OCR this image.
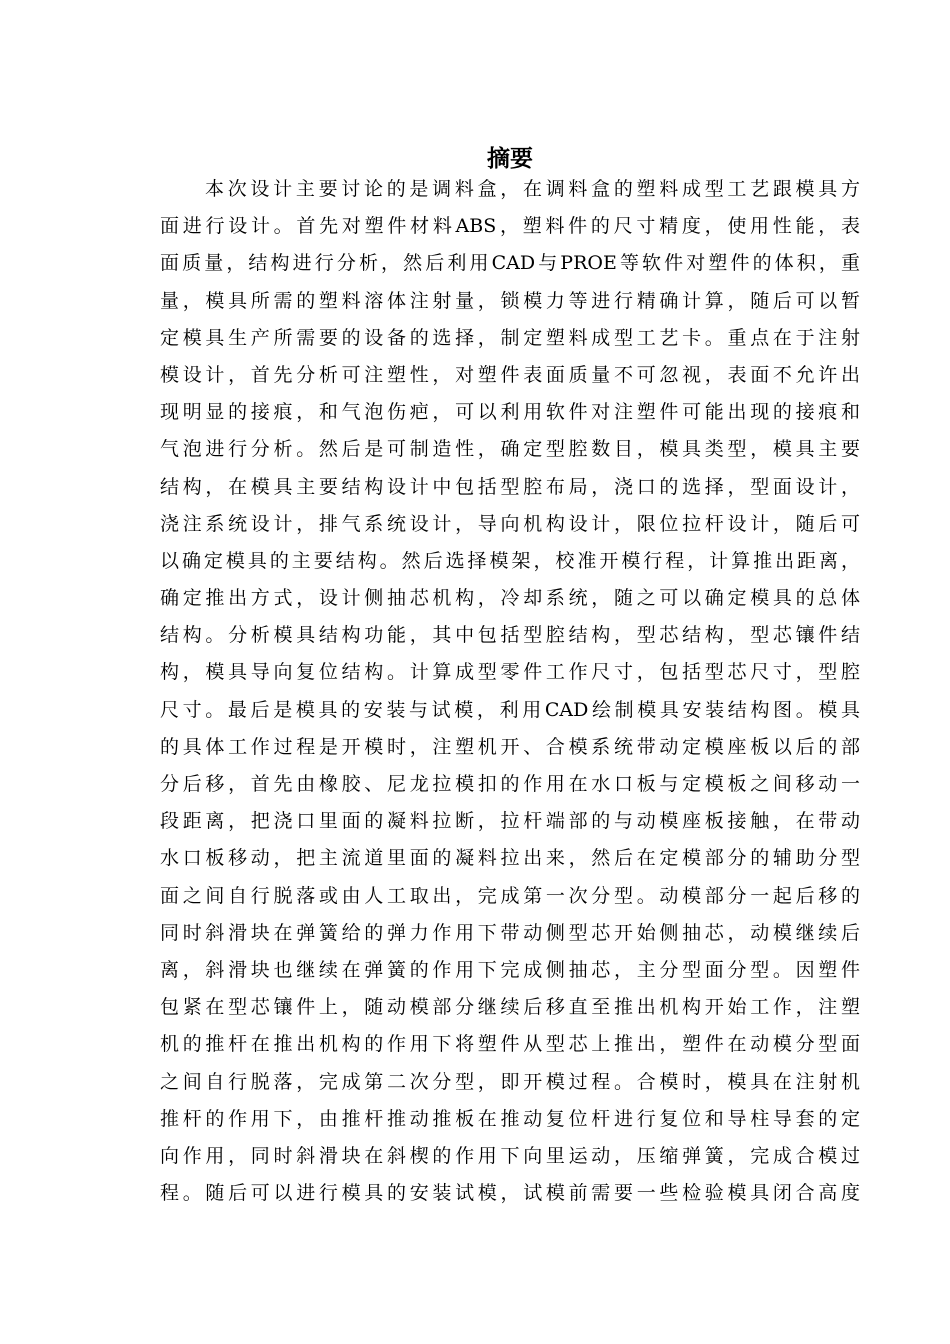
摘要
本次设计主要讨论的是调料盒，在调料盒的塑料成型工艺跟模具方
面进行设计。首先对塑件材料ABS，塑料件的尺寸精度，使用性能，表
面质量，结构进行分析，然后利用CAD与PROE等软件对塑件的体积，重
量，模具所需的塑料溶体注射量，锁模力等进行精确计算，随后可以暂
定模具生产所需要的设备的选择，制定塑料成型工艺卡。重点在于注射
模设计，首先分析可注塑性，对塑件表面质量不可忽视，表面不允许出
现明显的接痕，和气泡伤疤，可以利用软件对注塑件可能出现的接痕和
气泡进行分析。然后是可制造性，确定型腔数目，模具类型，模具主要
结构，在模具主要结构设计中包括型腔布局，浇口的选择，型面设计，
浇注系统设计，排气系统设计，导向机构设计，限位拉杆设计，随后可
以确定模具的主要结构。然后选择模架，校准开模行程，计算推出距离，
确定推出方式，设计侧抽芯机构，冷却系统，随之可以确定模具的总体
结构。分析模具结构功能，其中包括型腔结构，型芯结构，型芯镶件结
构，模具导向复位结构。计算成型零件工作尺寸，包括型芯尺寸，型腔
尺寸。最后是模具的安装与试模，利用CAD绘制模具安装结构图。模具
的具体工作过程是开模时，注塑机开、合模系统带动定模座板以后的部
分后移，首先由橡胶、尼龙拉模扣的作用在水口板与定模板之间移动一
段距离，把浇口里面的凝料拉断，拉杆端部的与动模座板接触，在带动
水口板移动，把主流道里面的凝料拉出来，然后在定模部分的辅助分型
面之间自行脱落或由人工取出，完成第一次分型。动模部分一起后移的
同时斜滑块在弹簧给的弹力作用下带动侧型芯开始侧抽芯，动模继续后
离，斜滑块也继续在弹簧的作用下完成侧抽芯，主分型面分型。因塑件
包紧在型芯镶件上，随动模部分继续后移直至推出机构开始工作，注塑
机的推杆在推出机构的作用下将塑件从型芯上推出，塑件在动模分型面
之间自行脱落，完成第二次分型，即开模过程。合模时，模具在注射机
推杆的作用下，由推杆推动推板在推动复位杆进行复位和导柱导套的定
向作用，同时斜滑块在斜楔的作用下向里运动，压缩弹簧，完成合模过
程。随后可以进行模具的安装试模，试模前需要一些检验模具闭合高度
